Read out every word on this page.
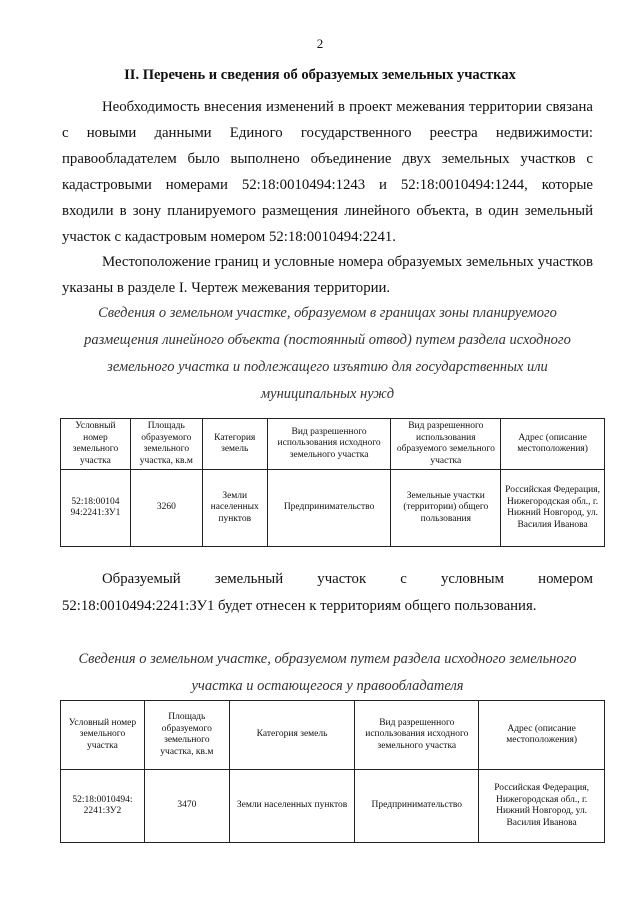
2
II. Перечень и сведения об образуемых земельных участках

Необходимость внесения изменений в проект межевания территории связана с новыми данными Единого государственного реестра недвижимости: правообладателем было выполнено объединение двух земельных участков с кадастровыми номерами 52:18:0010494:1243 и 52:18:0010494:1244, которые входили в зону планируемого размещения линейного объекта, в один земельный участок с кадастровым номером 52:18:0010494:2241.

Местоположение границ и условные номера образуемых земельных участков указаны в разделе I. Чертеж межевания территории.

Сведения о земельном участке, образуемом в границах зоны планируемого размещения линейного объекта (постоянный отвод) путем раздела исходного земельного участка и подлежащего изъятию для государственных или муниципальных нужд

Условный номер земельного участка	Площадь образуемого земельного участка, кв.м	Категория земель	Вид разрешенного использования исходного земельного участка	Вид разрешенного использования образуемого земельного участка	Адрес (описание местоположения)
52:18:00104 94:2241:ЗУ1	3260	Земли населенных пунктов	Предпринимательство	Земельные участки (территории) общего пользования	Российская Федерация, Нижегородская обл., г. Нижний Новгород, ул. Василия Иванова

Образуемый земельный участок с условным номером 52:18:0010494:2241:ЗУ1 будет отнесен к территориям общего пользования.

Сведения о земельном участке, образуемом путем раздела исходного земельного участка и остающегося у правообладателя

Условный номер земельного участка	Площадь образуемого земельного участка, кв.м	Категория земель	Вид разрешенного использования исходного земельного участка	Адрес (описание местоположения)
52:18:0010494: 2241:ЗУ2	3470	Земли населенных пунктов	Предпринимательство	Российская Федерация, Нижегородская обл., г. Нижний Новгород, ул. Василия Иванова
